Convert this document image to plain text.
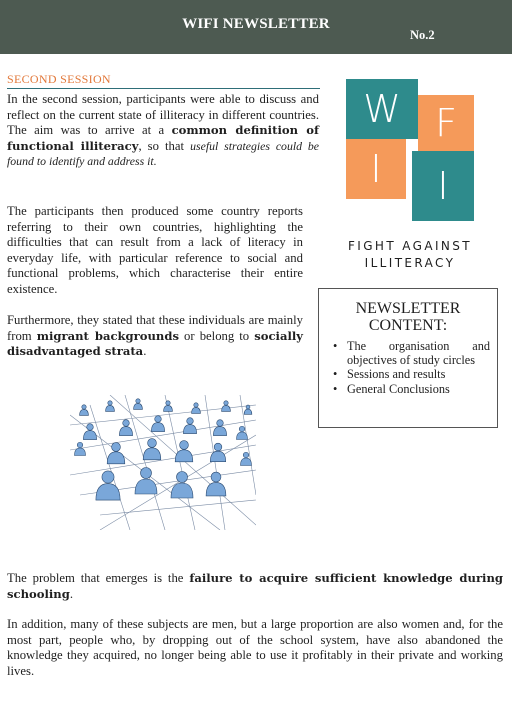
WIFI NEWSLETTER
No.2
SECOND SESSION

In the second session, participants were able to discuss and reflect on the current state of illiteracy in different countries. The aim was to arrive at a common definition of functional illiteracy, so that useful strategies could be found to identify and address it.

The participants then produced some country reports referring to their own countries, highlighting the difficulties that can result from a lack of literacy in everyday life, with particular reference to social and functional problems, which characterise their entire existence.

Furthermore, they stated that these individuals are mainly from migrant backgrounds or belong to socially disadvantaged strata.

W F
I I
FIGHT AGAINST
ILLITERACY
NEWSLETTER
CONTENT:
• The organisation and objectives of study circles
• Sessions and results
• General Conclusions

The problem that emerges is the failure to acquire sufficient knowledge during schooling.

In addition, many of these subjects are men, but a large proportion are also women and, for the most part, people who, by dropping out of the school system, have also abandoned the knowledge they acquired, no longer being able to use it profitably in their private and working lives.
